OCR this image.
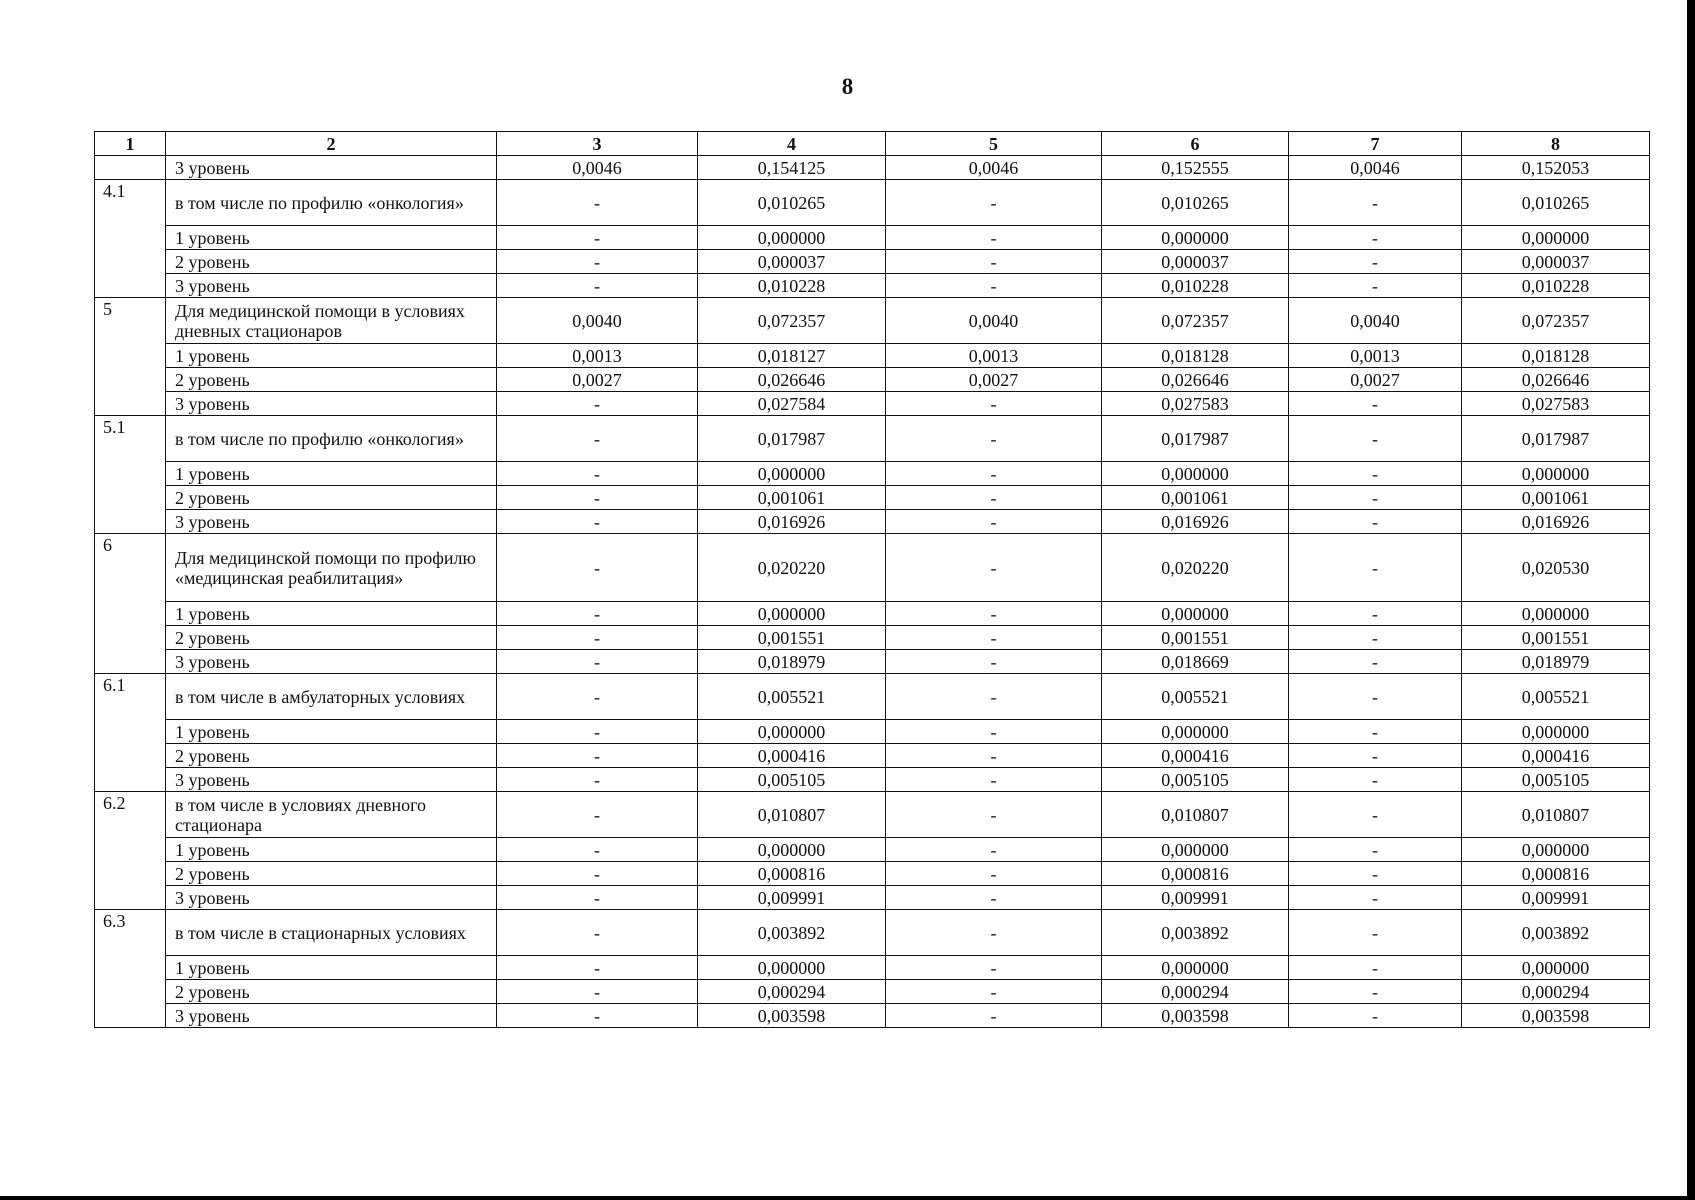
8
1	2	3	4	5	6	7	8
	3 уровень	0,0046	0,154125	0,0046	0,152555	0,0046	0,152053
4.1	в том числе по профилю «онкология»	-	0,010265	-	0,010265	-	0,010265
	1 уровень	-	0,000000	-	0,000000	-	0,000000
	2 уровень	-	0,000037	-	0,000037	-	0,000037
	3 уровень	-	0,010228	-	0,010228	-	0,010228
5	Для медицинской помощи в условиях дневных стационаров	0,0040	0,072357	0,0040	0,072357	0,0040	0,072357
	1 уровень	0,0013	0,018127	0,0013	0,018128	0,0013	0,018128
	2 уровень	0,0027	0,026646	0,0027	0,026646	0,0027	0,026646
	3 уровень	-	0,027584	-	0,027583	-	0,027583
5.1	в том числе по профилю «онкология»	-	0,017987	-	0,017987	-	0,017987
	1 уровень	-	0,000000	-	0,000000	-	0,000000
	2 уровень	-	0,001061	-	0,001061	-	0,001061
	3 уровень	-	0,016926	-	0,016926	-	0,016926
6	Для медицинской помощи по профилю «медицинская реабилитация»	-	0,020220	-	0,020220	-	0,020530
	1 уровень	-	0,000000	-	0,000000	-	0,000000
	2 уровень	-	0,001551	-	0,001551	-	0,001551
	3 уровень	-	0,018979	-	0,018669	-	0,018979
6.1	в том числе в амбулаторных условиях	-	0,005521	-	0,005521	-	0,005521
	1 уровень	-	0,000000	-	0,000000	-	0,000000
	2 уровень	-	0,000416	-	0,000416	-	0,000416
	3 уровень	-	0,005105	-	0,005105	-	0,005105
6.2	в том числе в условиях дневного стационара	-	0,010807	-	0,010807	-	0,010807
	1 уровень	-	0,000000	-	0,000000	-	0,000000
	2 уровень	-	0,000816	-	0,000816	-	0,000816
	3 уровень	-	0,009991	-	0,009991	-	0,009991
6.3	в том числе в стационарных условиях	-	0,003892	-	0,003892	-	0,003892
	1 уровень	-	0,000000	-	0,000000	-	0,000000
	2 уровень	-	0,000294	-	0,000294	-	0,000294
	3 уровень	-	0,003598	-	0,003598	-	0,003598
